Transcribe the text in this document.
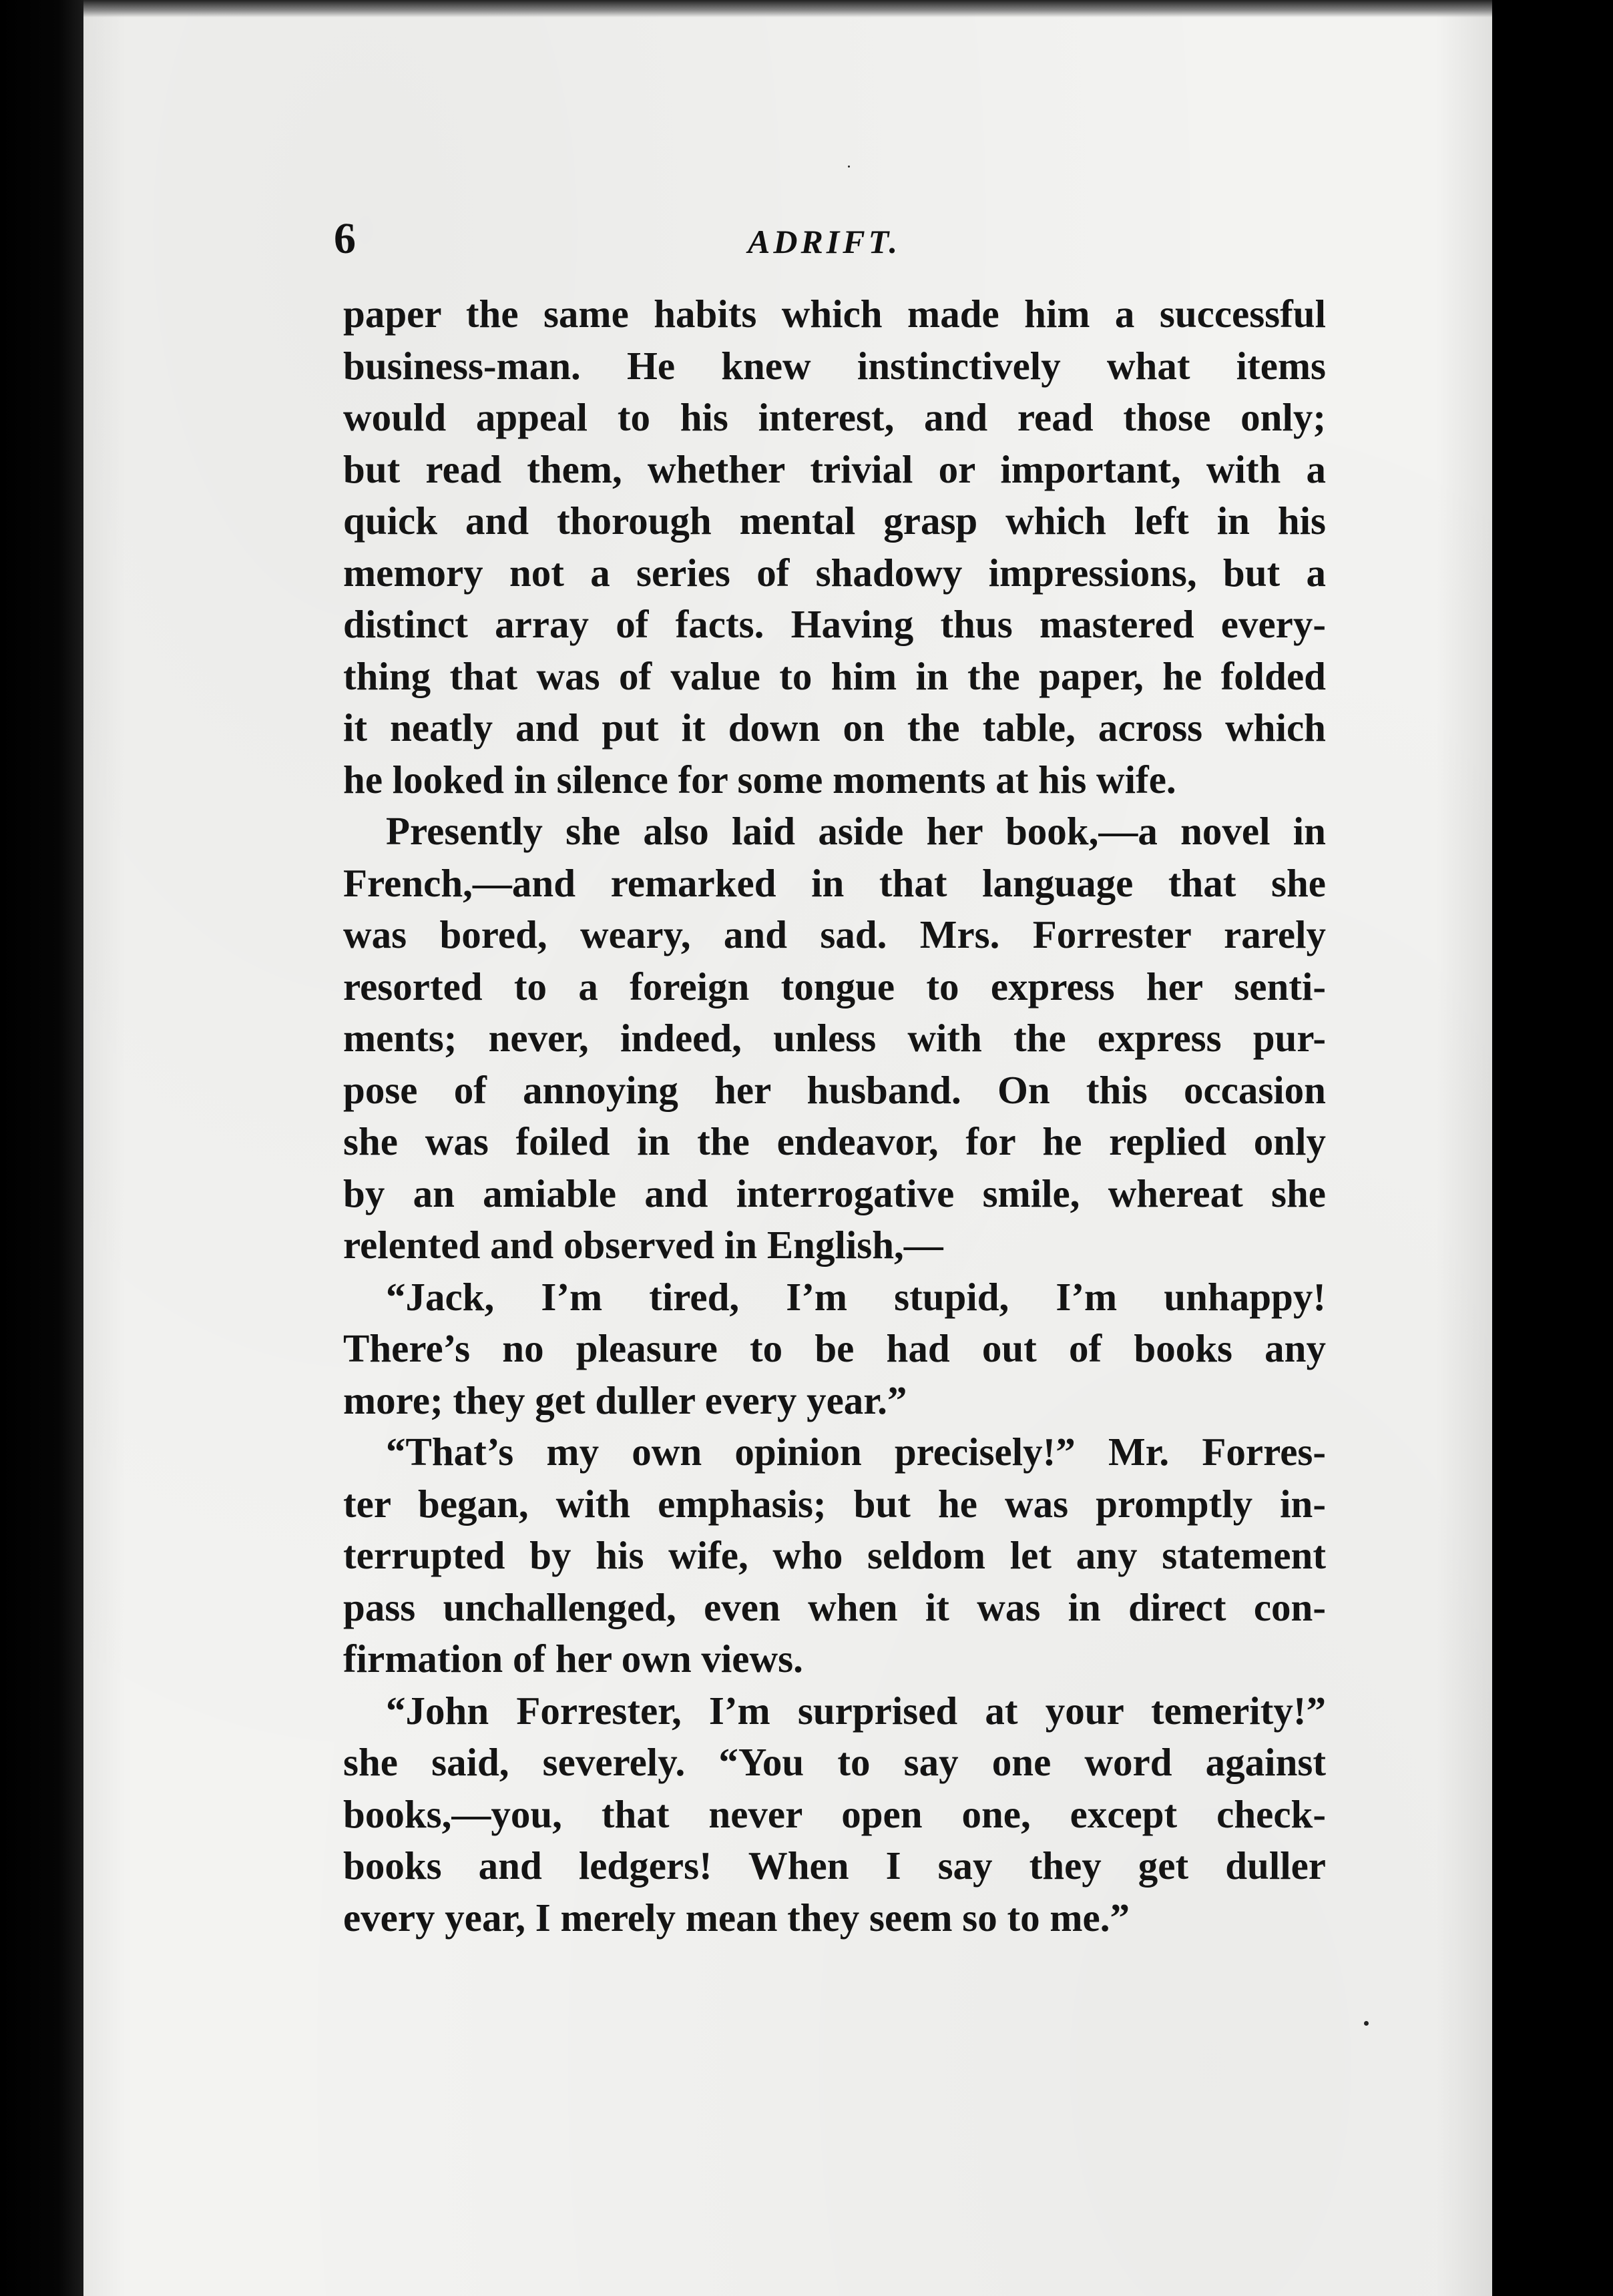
6	ADRIFT.
paper the same habits which made him a successful
business-man. He knew instinctively what items
would appeal to his interest, and read those only;
but read them, whether trivial or important, with a
quick and thorough mental grasp which left in his
memory not a series of shadowy impressions, but a
distinct array of facts. Having thus mastered every-
thing that was of value to him in the paper, he folded
it neatly and put it down on the table, across which
he looked in silence for some moments at his wife.
Presently she also laid aside her book,—a novel in
French,—and remarked in that language that she
was bored, weary, and sad. Mrs. Forrester rarely
resorted to a foreign tongue to express her senti-
ments; never, indeed, unless with the express pur-
pose of annoying her husband. On this occasion
she was foiled in the endeavor, for he replied only
by an amiable and interrogative smile, whereat she
relented and observed in English,—
“Jack, I’m tired, I’m stupid, I’m unhappy!
There’s no pleasure to be had out of books any
more; they get duller every year.”
“That’s my own opinion precisely!” Mr. Forres-
ter began, with emphasis; but he was promptly in-
terrupted by his wife, who seldom let any statement
pass unchallenged, even when it was in direct con-
firmation of her own views.
“John Forrester, I’m surprised at your temerity!”
she said, severely. “You to say one word against
books,—you, that never open one, except check-
books and ledgers! When I say they get duller
every year, I merely mean they seem so to me.”
